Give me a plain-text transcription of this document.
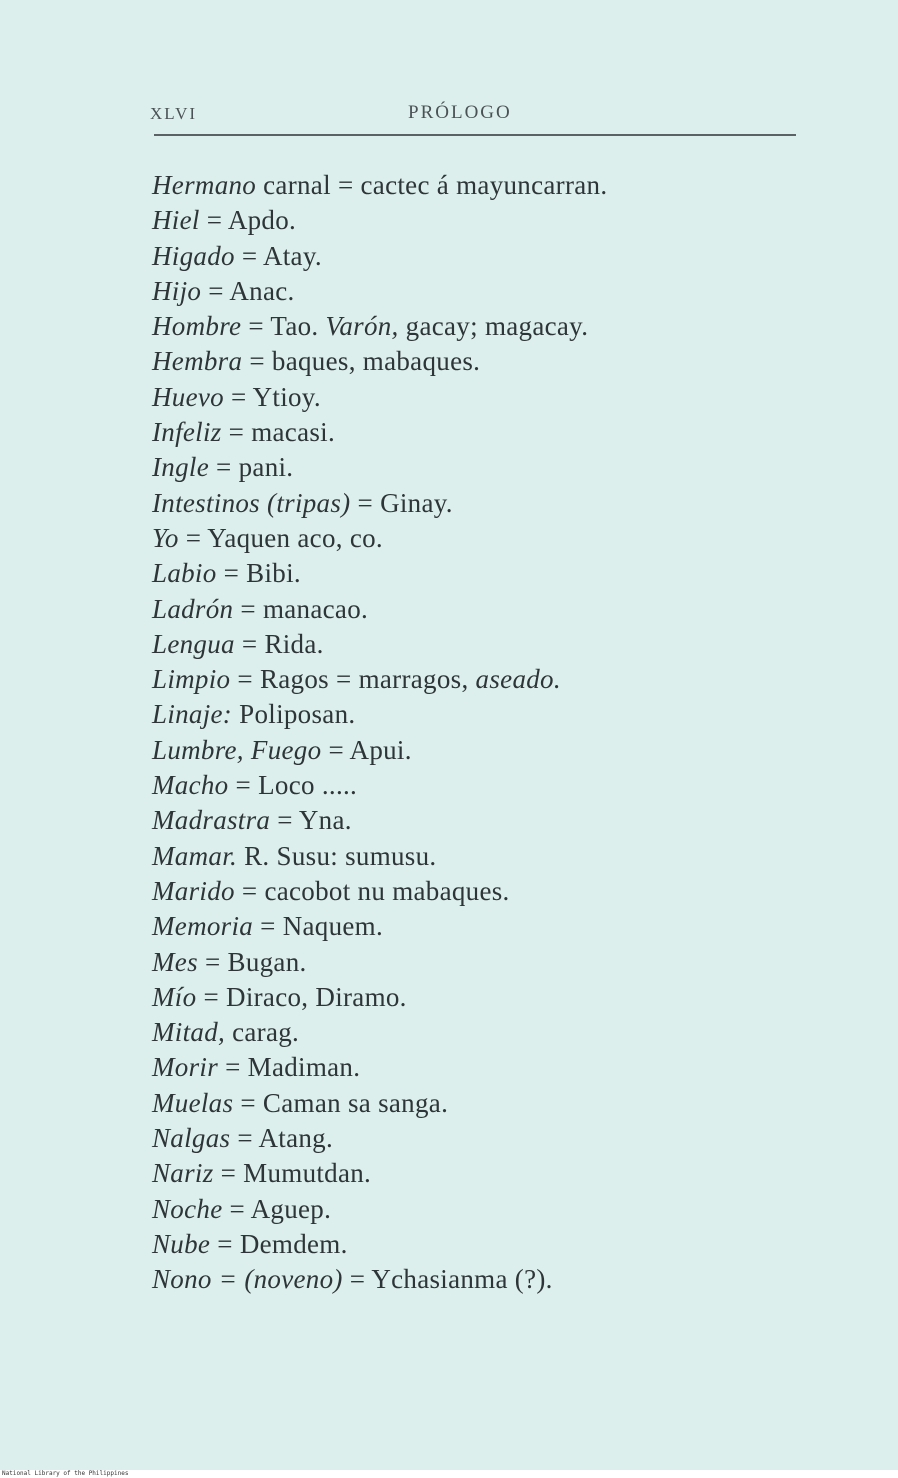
XLVI	PRÓLOGO
Hermano carnal = cactec á mayuncarran.
Hiel = Apdo.
Higado = Atay.
Hijo = Anac.
Hombre = Tao. Varón, gacay; magacay.
Hembra = baques, mabaques.
Huevo = Ytioy.
Infeliz = macasi.
Ingle = pani.
Intestinos (tripas) = Ginay.
Yo = Yaquen aco, co.
Labio = Bibi.
Ladrón = manacao.
Lengua = Rida.
Limpio = Ragos = marragos, aseado.
Linaje: Poliposan.
Lumbre, Fuego = Apui.
Macho = Loco .....
Madrastra = Yna.
Mamar. R. Susu: sumusu.
Marido = cacobot nu mabaques.
Memoria = Naquem.
Mes = Bugan.
Mío = Diraco, Diramo.
Mitad, carag.
Morir = Madiman.
Muelas = Caman sa sanga.
Nalgas = Atang.
Nariz = Mumutdan.
Noche = Aguep.
Nube = Demdem.
Nono = (noveno) = Ychasianma (?).
National Library of the Philippines
